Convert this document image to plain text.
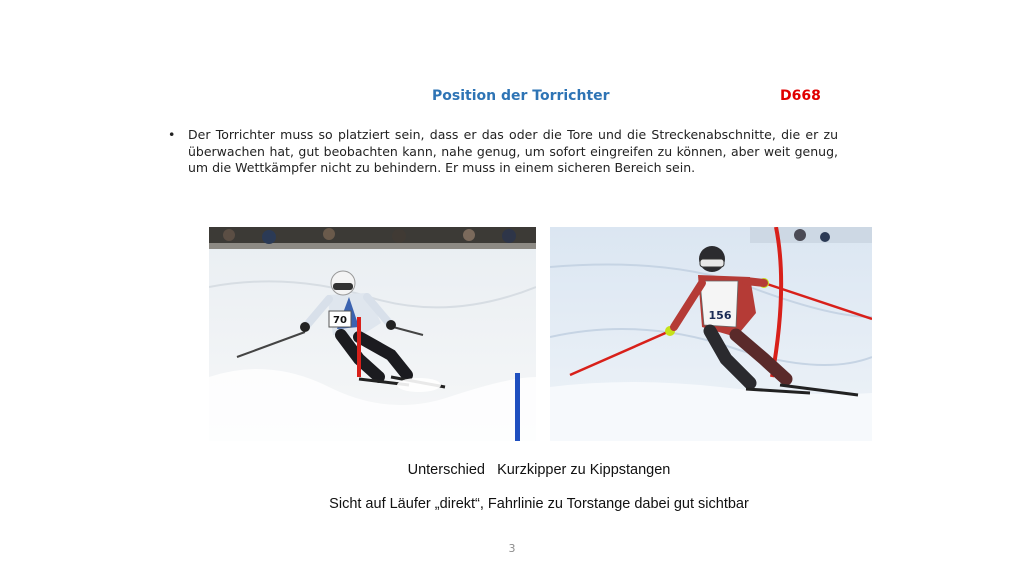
Position der Torrichter	D668
•	Der Torrichter muss so platziert sein, dass er das oder die Tore und die Streckenabschnitte, die er zu überwachen hat, gut beobachten kann, nahe genug, um sofort eingreifen zu können, aber weit genug, um die Wettkämpfer nicht zu behindern. Er muss in einem sicheren Bereich sein.
70	156
Unterschied   Kurzkipper zu Kippstangen
Sicht auf Läufer „direkt“, Fahrlinie zu Torstange dabei gut sichtbar
3
